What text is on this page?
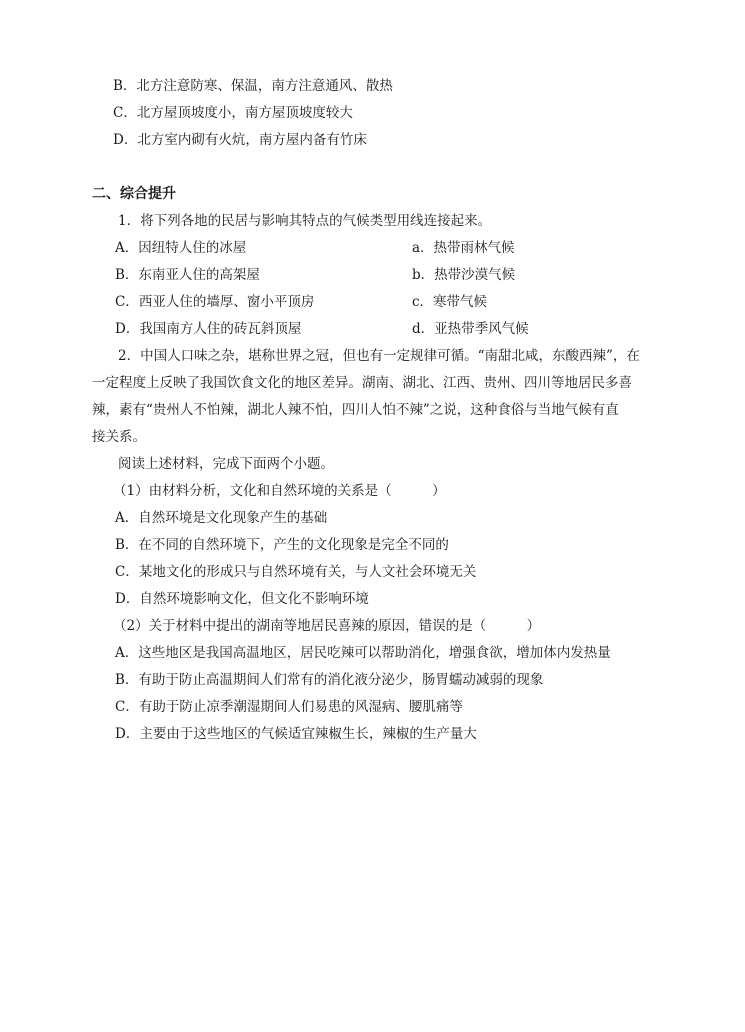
B．北方注意防寒、保温，南方注意通风、散热
C．北方屋顶坡度小，南方屋顶坡度较大
D．北方室内砌有火炕，南方屋内备有竹床
二、综合提升
1．将下列各地的民居与影响其特点的气候类型用线连接起来。
A．因纽特人住的冰屋	a．热带雨林气候
B．东南亚人住的高架屋	b．热带沙漠气候
C．西亚人住的墙厚、窗小平顶房	c．寒带气候
D．我国南方人住的砖瓦斜顶屋	d．亚热带季风气候
2．中国人口味之杂，堪称世界之冠，但也有一定规律可循。“南甜北咸，东酸西辣”，在
一定程度上反映了我国饮食文化的地区差异。湖南、湖北、江西、贵州、四川等地居民多喜
辣，素有“贵州人不怕辣，湖北人辣不怕，四川人怕不辣”之说，这种食俗与当地气候有直
接关系。
阅读上述材料，完成下面两个小题。
（1）由材料分析，文化和自然环境的关系是（　　　）
A．自然环境是文化现象产生的基础
B．在不同的自然环境下，产生的文化现象是完全不同的
C．某地文化的形成只与自然环境有关，与人文社会环境无关
D．自然环境影响文化，但文化不影响环境
（2）关于材料中提出的湖南等地居民喜辣的原因，错误的是（　　　）
A．这些地区是我国高温地区，居民吃辣可以帮助消化，增强食欲，增加体内发热量
B．有助于防止高温期间人们常有的消化液分泌少，肠胃蠕动减弱的现象
C．有助于防止凉季潮湿期间人们易患的风湿病、腰肌痛等
D．主要由于这些地区的气候适宜辣椒生长，辣椒的生产量大
